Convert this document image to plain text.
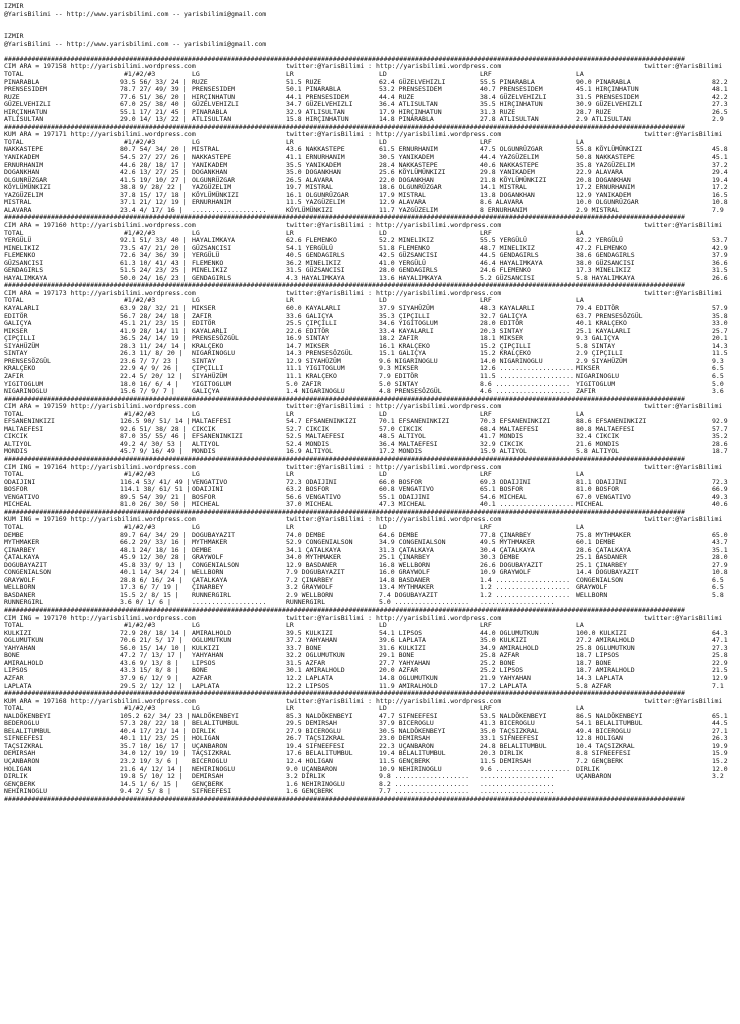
IZMIR
@YarisBilimi -- http://www.yarisbilimi.com -- yarisbilimi@gmail.com
IZMIR
@YarisBilimi -- http://www.yarisbilimi.com -- yarisbilimi@gmail.com
##############################################################################################################################################################################
CIM ARA = 197158 http://yarisbilimi.wordpress.com	twitter:@YarisBilimi : http://yarisbilimi.wordpress.com	twitter:@YarisBilimi
TOTAL	#1/#2/#3	LG	LR	LD	LRF	LA
PINARABLA	93.5 56/ 33/ 24 | RUZE	51.5 RUZE	62.4 GÜZELVEHIZLI	55.5 PINARABLA	90.0 PINARABLA	82.2
PRENSESIDEM	78.7 27/ 49/ 39 | PRENSESIDEM	50.1 PINARABLA	53.2 PRENSESIDEM	40.7 PRENSESIDEM	45.1 HIRÇINHATUN	48.1
RUZE	77.6 51/ 36/ 20 | HIRÇINHATUN	44.1 PRENSESIDEM	44.4 RUZE	38.4 GÜZELVEHIZLI	31.5 PRENSESIDEM	42.2
GÜZELVEHIZLI	67.0 25/ 38/ 40 | GÜZELVEHIZLI	34.7 GÜZELVEHIZLI	36.4 ATLISULTAN	35.5 HIRÇINHATUN	30.9 GÜZELVEHIZLI	27.3
HIRÇINHATUN	55.1 17/ 21/ 45 | PINARABLA	32.9 ATLISULTAN	17.9 HIRÇINHATUN	31.3 RUZE	28.7 RUZE	26.5
ATLISULTAN	29.0 14/ 13/ 22 | ATLISULTAN	15.8 HIRÇINHATUN	14.8 PINARABLA	27.8 ATLISULTAN	2.9 ATLISULTAN	2.9
##############################################################################################################################################################################
KUM ARA = 197171 http://yarisbilimi.wordpress.com	twitter:@YarisBilimi : http://yarisbilimi.wordpress.com	twitter:@YarisBilimi
TOTAL	#1/#2/#3	LG	LR	LD	LRF	LA
NAKKASTEPE	80.7 54/ 34/ 20 | MISTRAL	43.6 NAKKASTEPE	61.5 ERNURHANIM	47.5 OLGUNRÜZGAR	55.8 KÖYLÜMÜNKIZI	45.8
YANIKADEM	54.5 27/ 27/ 26 | NAKKASTEPE	41.1 ERNURHANIM	30.5 YANIKADEM	44.4 YAZGÜZELIM	50.8 NAKKASTEPE	45.1
ERNURHANIM	44.6 28/ 18/ 17 | YANIKADEM	35.5 YANIKADEM	28.4 NAKKASTEPE	40.6 NAKKASTEPE	35.8 YAZGÜZELIM	37.2
DOGANKHAN	42.6 13/ 27/ 25 | DOGANKHAN	35.0 DOGANKHAN	25.6 KÖYLÜMÜNKIZI	29.8 YANIKADEM	22.9 ALAVARA	29.4
OLGUNRÜZGAR	41.5 19/ 10/ 27 | OLGUNRÜZGAR	26.5 ALAVARA	22.0 DOGANKHAN	21.8 KÖYLÜMÜNKIZI	20.8 DOGANKHAN	19.4
KÖYLÜMÜNKIZI	38.8 9/ 28/ 22 | YAZGÜZELIM	19.7 MISTRAL	18.6 OLGUNRÜZGAR	14.1 MISTRAL	17.2 ERNURHANIM	17.2
YAZGÜZELIM	37.8 15/ 17/ 18 | KÖYLÜMÜNKIZI	16.1 OLGUNRÜZGAR	17.9 MISTRAL	13.8 DOGANKHAN	12.9 YANIKADEM	16.5
MISTRAL	37.1 21/ 12/ 19 | ERNURHANIM	11.5 YAZGÜZELIM	12.9 ALAVARA	8.6 ALAVARA	10.0 OLGUNRÜZGAR	10.8
ALAVARA	23.4 4/ 17/ 16 | ...................	KÖYLÜMÜNKIZI	11.7 YAZGÜZELIM	8 ERNURHANIM	2.9 MISTRAL	7.9
##############################################################################################################################################################################
CIM ARA = 197160 http://yarisbilimi.wordpress.com	twitter:@YarisBilimi : http://yarisbilimi.wordpress.com	twitter:@YarisBilimi
TOTAL	#1/#2/#3	LG	LR	LD	LRF	LA
YERGÜLÜ	92.1 51/ 33/ 40 | HAYALIMKAYA	62.6 FLEMENKO	52.2 MINELIKIZ	55.5 YERGÜLÜ	82.2 YERGÜLÜ	53.7
MINELIKIZ	73.5 47/ 21/ 20 | GÜZSANCISI	54.1 YERGÜLÜ	51.8 FLEMENKO	48.7 MINELIKIZ	47.2 FLEMENKO	42.9
FLEMENKO	72.6 34/ 36/ 39 | YERGÜLÜ	40.5 GENDAGIRLS	42.5 GÜZSANCISI	44.5 GENDAGIRLS	38.6 GENDAGIRLS	37.9
GÜZSANCISI	61.3 10/ 41/ 43 | FLEMENKO	36.2 MINELIKIZ	41.0 YERGÜLÜ	46.4 HAYALIMKAYA	38.0 GÜZSANCISI	36.6
GENDAGIRLS	51.5 24/ 23/ 25 | MINELIKIZ	31.5 GÜZSANCISI	28.0 GENDAGIRLS	24.6 FLEMENKO	17.3 MINELIKIZ	31.5
HAYALIMKAYA	50.0 24/ 16/ 23 | GENDAGIRLS	4.3 HAYALIMKAYA	13.6 HAYALIMKAYA	5.2 GÜZSANCISI	5.8 HAYALIMKAYA	26.6
##############################################################################################################################################################################
CIM ARA = 197173 http://yarisbilimi.wordpress.com	twitter:@YarisBilimi : http://yarisbilimi.wordpress.com	twitter:@YarisBilimi
TOTAL	#1/#2/#3	LG	LR	LD	LRF	LA
KAYALARLI	63.9 28/ 32/ 21 | MIKSER	60.0 KAYALARLI	37.9 SIYAHÜZÜM	48.3 KAYALARLI	79.4 EDITÖR	57.9
EDITÖR	56.7 28/ 24/ 18 | ZAFIR	33.6 GALIÇYA	35.3 ÇIPÇILLI	32.7 GALIÇYA	63.7 PRENSESÖZGÜL	35.8
GALIÇYA	45.1 21/ 23/ 15 | EDITÖR	25.5 ÇIPÇILLI	34.6 YIGITOGLUM	28.0 EDITÖR	40.1 KRALÇEKO	33.0
MIKSER	41.9 28/ 14/ 11 | KAYALARLI	22.6 EDITÖR	33.4 KAYALARLI	20.3 SINTAY	25.1 KAYALARLI	25.7
ÇIPÇILLI	36.5 24/ 14/ 19 | PRENSESÖZGÜL	16.9 SINTAY	18.2 ZAFIR	18.1 MIKSER	9.3 GALIÇYA	20.1
SIYAHÜZÜM	28.3 11/ 24/ 14 | KRALÇEKO	14.7 MIKSER	16.1 KRALÇEKO	15.2 ÇIPÇILLI	5.8 SINTAY	14.3
SINTAY	26.3 11/ 8/ 20 | NIGARINOGLU	14.3 PRENSESÖZGÜL	15.1 GALIÇYA	15.2 KRALÇEKO	2.9 ÇIPÇILLI	11.5
PRENSESÖZGÜL	23.6 7/ 7/ 23 | SINTAY	12.9 SIYAHÜZÜM	9.6 NIGARINOGLU	14.0 NIGARINOGLU	2.9 SIYAHÜZÜM	9.3
KRALÇEKO	22.9 4/ 9/ 26 | ÇIPÇILLI	11.1 YIGITOGLUM	9.3 MIKSER	12.6 ................... MIKSER	6.5
ZAFIR	22.4 5/ 20/ 12 | SIYAHÜZÜM	11.1 KRALÇEKO	7.9 EDITÖR	11.5 ................... NIGARINOGLU	6.5
YIGITOGLUM	18.0 16/ 6/ 4 | YIGITOGLUM	5.0 ZAFIR	5.0 SINTAY	8.6 ................... YIGITOGLUM	5.0
NIGARINOGLU	15.6 7/ 9/ 7 |	GALIÇYA	1.4 NIGARINOGLU	4.8 PRENSESÖZGÜL	4.6 ................... ZAFIR	3.6
##############################################################################################################################################################################
CIM ARA = 197159 http://yarisbilimi.wordpress.com	twitter:@YarisBilimi : http://yarisbilimi.wordpress.com	twitter:@YarisBilimi
TOTAL	#1/#2/#3	LG	LR	LD	LRF	LA
EFSANENINKIZI	126.5 90/ 51/ 14 | MALTAEFESI	54.7 EFSANENINKIZI	70.1 EFSANENINKIZI	70.3 EFSANENINKIZI	88.6 EFSANENINKIZI	92.9
MALTAEFESI	92.6 51/ 38/ 28 | CIKCIK	52.7 CIKCIK	57.0 CIKCIK	68.4 MALTAEFESI	80.8 MALTAEFESI	57.7
CIKCIK	87.0 35/ 55/ 46 | EFSANENINKIZI	52.5 MALTAEFESI	48.5 ALTIYOL	41.7 MONDIS	32.4 CIKCIK	35.2
ALTIYOL	49.2 4/ 30/ 53 | ALTIYOL	52.4 MONDIS	36.4 MALTAEFESI	32.9 CIKCIK	21.6 MONDIS	28.6
MONDIS	45.7 9/ 16/ 49 | MONDIS	16.9 ALTIYOL	17.2 MONDIS	15.9 ALTIYOL	5.8 ALTIYOL	18.7
##############################################################################################################################################################################
CIM ING = 197164 http://yarisbilimi.wordpress.com	twitter:@YarisBilimi : http://yarisbilimi.wordpress.com	twitter:@YarisBilimi
TOTAL	#1/#2/#3	LG	LR	LD	LRF	LA
ODAIJINI	116.4 53/ 41/ 49 | VENGATIVO	72.3 ODAIJINI	66.0 BOSFOR	69.3 ODAIJINI	81.1 ODAIJINI	72.3
BOSFOR	114.1 38/ 61/ 51 | ODAIJINI	63.2 BOSFOR	60.8 VENGATIVO	65.1 BOSFOR	81.0 BOSFOR	66.9
VENGATIVO	89.5 54/ 39/ 21 | BOSFOR	56.6 VENGATIVO	55.1 ODAIJINI	54.6 MICHEAL	67.0 VENGATIVO	49.3
MICHEAL	81.0 26/ 30/ 50 | MICHEAL	37.0 MICHEAL	47.3 MICHEAL	40.1 ................... MICHEAL	40.6
##############################################################################################################################################################################
KUM ING = 197169 http://yarisbilimi.wordpress.com	twitter:@YarisBilimi : http://yarisbilimi.wordpress.com	twitter:@YarisBilimi
TOTAL	#1/#2/#3	LG	LR	LD	LRF	LA
DEMBE	89.7 64/ 34/ 29 | DOGUBAYAZIT	74.0 DEMBE	64.6 DEMBE	77.8 ÇINARBEY	75.8 MYTHMAKER	65.0
MYTHMAKER	66.2 29/ 33/ 16 | MYTHMAKER	52.9 CONGENIALSON	34.9 CONGENIALSON	49.5 MYTHMAKER	60.1 DEMBE	43.7
ÇINARBEY	48.1 24/ 18/ 16 | DEMBE	34.1 ÇATALKAYA	31.3 ÇATALKAYA	30.4 ÇATALKAYA	28.6 ÇATALKAYA	35.1
ÇATALKAYA	45.9 12/ 30/ 28 | GRAYWOLF	34.0 MYTHMAKER	25.1 ÇINARBEY	30.3 DEMBE	25.1 BASDANER	28.0
DOGUBAYAZIT	45.8 33/ 9/ 13 | CONGENIALSON	12.9 BASDANER	16.8 WELLBORN	26.6 DOGUBAYAZIT	25.1 ÇINARBEY	27.9
CONGENIALSON	40.1 14/ 34/ 24 | WELLBORN	7.9 DOGUBAYAZIT	16.0 GRAYWOLF	10.9 GRAYWOLF	14.4 DOGUBAYAZIT	10.8
GRAYWOLF	28.8 6/ 16/ 24 | ÇATALKAYA	7.2 ÇINARBEY	14.8 BASDANER	1.4 ................... CONGENIALSON	6.5
WELLBORN	17.3 6/ 7/ 19 | ÇINARBEY	3.2 GRAYWOLF	13.4 MYTHMAKER	1.2 ................... GRAYWOLF	6.5
BASDANER	15.5 2/ 8/ 15 | RUNNERGIRL	2.9 WELLBORN	7.4 DOGUBAYAZIT	1.2 ................... WELLBORN	5.8
RUNNERGIRL	3.6 0/ 1/ 6 |	...................	RUNNERGIRL	5.0 ................... ...................
##############################################################################################################################################################################
CIM ING = 197170 http://yarisbilimi.wordpress.com	twitter:@YarisBilimi : http://yarisbilimi.wordpress.com	twitter:@YarisBilimi
TOTAL	#1/#2/#3	LG	LR	LD	LRF	LA
KULKIZI	72.9 20/ 18/ 14 | AMIRALHOLD	39.5 KULKIZI	54.1 LIPSOS	44.0 OGLUMUTKUN	100.0 KULKIZI	64.3
OGLUMUTKUN	70.6 21/ 5/ 17 | OGLUMUTKUN	37.2 YAHYAHAN	39.6 LAPLATA	35.0 KULKIZI	27.2 AMIRALHOLD	47.1
YAHYAHAN	56.0 15/ 14/ 10 | KULKIZI	33.7 BONE	31.6 KULKIZI	34.9 AMIRALHOLD	25.8 OGLUMUTKUN	27.3
BONE	47.2 7/ 13/ 17 | YAHYAHAN	32.2 OGLUMUTKUN	29.1 BONE	25.8 AZFAR	18.7 LIPSOS	25.8
AMIRALHOLD	43.6 9/ 13/ 8 | LIPSOS	31.5 AZFAR	27.7 YAHYAHAN	25.2 BONE	18.7 BONE	22.9
LIPSOS	43.3 15/ 8/ 8 | BONE	30.1 AMIRALHOLD	20.0 AZFAR	25.2 LIPSOS	18.7 AMIRALHOLD	21.5
AZFAR	37.9 6/ 12/ 9 | AZFAR	12.2 LAPLATA	14.8 OGLUMUTKUN	21.9 YAHYAHAN	14.3 LAPLATA	12.9
LAPLATA	29.5 2/ 12/ 12 | LAPLATA	12.2 LIPSOS	11.9 AMIRALHOLD	17.2 LAPLATA	5.8 AZFAR	7.1
##############################################################################################################################################################################
KUM ARA = 197168 http://yarisbilimi.wordpress.com	twitter:@YarisBilimi : http://yarisbilimi.wordpress.com	twitter:@YarisBilimi
TOTAL	#1/#2/#3	LG	LR	LD	LRF	LA
NALDÖKENBEYI	105.2 62/ 34/ 23 | NALDÖKENBEYI	85.3 NALDÖKENBEYI	47.7 SIFNEEFESI	53.5 NALDÖKENBEYI	86.5 NALDÖKENBEYI	65.1
BEDEROGLU	57.3 28/ 22/ 18 | BELALITUMBUL	29.5 DEMIRSAH	37.9 BICEROGLU	41.3 BICEROGLU	54.1 BELALITUMBUL	44.5
BELALITUMBUL	40.4 17/ 21/ 14 | DIRLIK	27.9 BICEROGLU	30.5 NALDÖKENBEYI	35.0 TAÇSIZKRAL	49.4 BICEROGLU	27.1
SIFNEEFESI	40.1 11/ 23/ 25 | HOLIGAN	26.7 TAÇSIZKRAL	23.0 DEMIRSAH	33.1 SIFNEEFESI	12.8 HOLIGAN	26.3
TAÇSIZKRAL	35.7 10/ 16/ 17 | UÇANBARON	19.4 SIFNEEFESI	22.3 UÇANBARON	24.8 BELALITUMBUL	10.4 TAÇSIZKRAL	19.9
DEMIRSAH	34.0 12/ 19/ 19 | TAÇSIZKRAL	17.6 BELALITUMBUL	19.4 BELALITUMBUL	20.3 DIRLIK	8.8 SIFNEEFESI	15.9
UÇANBARON	23.2 19/ 3/ 6 | BICEROGLU	12.4 HOLIGAN	11.5 GENÇBERK	11.5 DEMIRSAH	7.2 GENÇBERK	15.2
HOLIGAN	21.6 4/ 12/ 14 | NEHIRINOGLU	9.0 UÇANBARON	10.9 NEHIRINOGLU	9.6 ................... DIRLIK	12.0
DIRLIK	19.8 5/ 10/ 12 | DEMIRSAH	3.2 DIRLIK	9.8 ................... ...................	UÇANBARON	3.2
GENÇBERK	14.5 1/ 6/ 15 | GENÇBERK	1.6 NEHIRINOGLU	8.2 ................... ...................
NEHIRINOGLU	9.4 2/ 5/ 8 |	SIFNEEFESI	1.6 GENÇBERK	7.7 ................... ...................
##############################################################################################################################################################################
